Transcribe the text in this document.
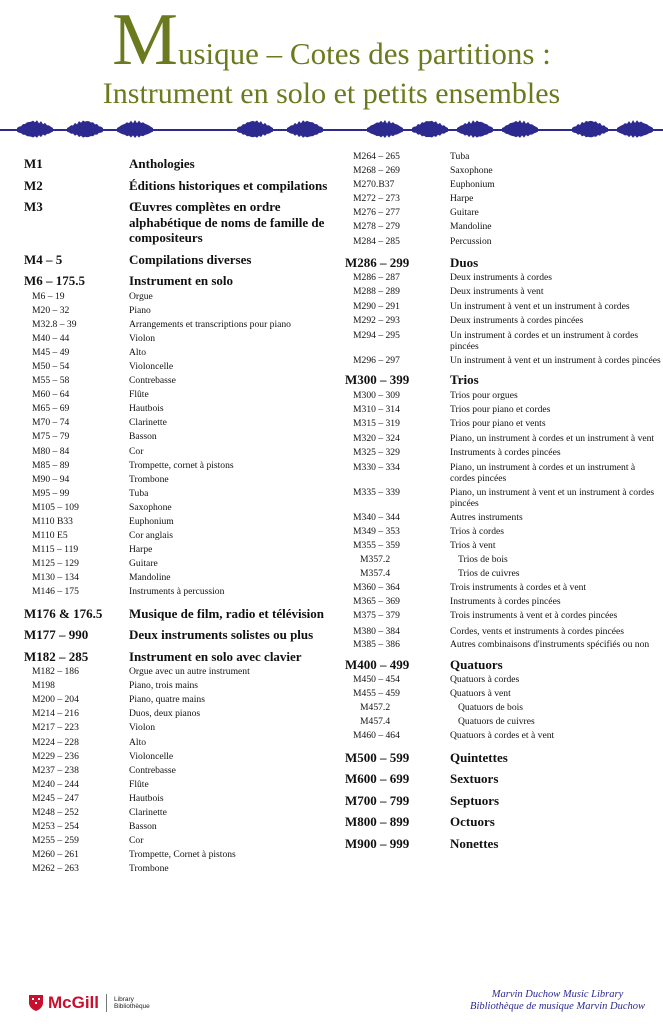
Musique – Cotes des partitions :
Instrument en solo et petits ensembles
M1	Anthologies
M2	Éditions historiques et compilations
M3	Œuvres complètes en ordre alphabétique de noms de famille de compositeurs
M4 – 5	Compilations diverses
M6 – 175.5	Instrument en solo
M6 – 19	Orgue
M20 – 32	Piano
M32.8 – 39	Arrangements et transcriptions pour piano
M40 – 44	Violon
M45 – 49	Alto
M50 – 54	Violoncelle
M55 – 58	Contrebasse
M60 – 64	Flûte
M65 – 69	Hautbois
M70 – 74	Clarinette
M75 – 79	Basson
M80 – 84	Cor
M85 – 89	Trompette, cornet à pistons
M90 – 94	Trombone
M95 – 99	Tuba
M105 – 109	Saxophone
M110 B33	Euphonium
M110 E5	Cor anglais
M115 – 119	Harpe
M125 – 129	Guitare
M130 – 134	Mandoline
M146 – 175	Instruments à percussion
M176 & 176.5	Musique de film, radio et télévision
M177 – 990	Deux instruments solistes ou plus
M182 – 285	Instrument en solo avec clavier
M182 – 186	Orgue avec un autre instrument
M198	Piano, trois mains
M200 – 204	Piano, quatre mains
M214 – 216	Duos, deux pianos
M217 – 223	Violon
M224 – 228	Alto
M229 – 236	Violoncelle
M237 – 238	Contrebasse
M240 – 244	Flûte
M245 – 247	Hautbois
M248 – 252	Clarinette
M253 – 254	Basson
M255 – 259	Cor
M260 – 261	Trompette, Cornet à pistons
M262 – 263	Trombone
M264 – 265	Tuba
M268 – 269	Saxophone
M270.B37	Euphonium
M272 – 273	Harpe
M276 – 277	Guitare
M278 – 279	Mandoline
M284 – 285	Percussion
M286 – 299	Duos
M286 – 287	Deux instruments à cordes
M288 – 289	Deux instruments à vent
M290 – 291	Un instrument à vent et un instrument à cordes
M292 – 293	Deux instruments à cordes pincées
M294 – 295	Un instrument à cordes et un instrument à cordes pincées
M296 – 297	Un instrument à vent et un instrument à cordes pincées
M300 – 399	Trios
M300 – 309	Trios pour orgues
M310 – 314	Trios pour piano et cordes
M315 – 319	Trios pour piano et vents
M320 – 324	Piano, un instrument à cordes et un instrument à vent
M325 – 329	Instruments à cordes pincées
M330 – 334	Piano, un instrument à cordes et un instrument à cordes pincées
M335 – 339	Piano, un instrument à vent et un instrument à cordes pincées
M340 – 344	Autres instruments
M349 – 353	Trios à cordes
M355 – 359	Trios à vent
M357.2	Trios de bois
M357.4	Trios de cuivres
M360 – 364	Trois instruments à cordes et à vent
M365 – 369	Instruments à cordes pincées
M375 – 379	Trois instruments à vent et à cordes pincées
M380 – 384	Cordes, vents et instruments à cordes pincées
M385 – 386	Autres combinaisons d'instruments spécifiés ou non
M400 – 499	Quatuors
M450 – 454	Quatuors à cordes
M455 – 459	Quatuors à vent
M457.2	Quatuors de bois
M457.4	Quatuors de cuivres
M460 – 464	Quatuors à cordes et à vent
M500 – 599	Quintettes
M600 – 699	Sextuors
M700 – 799	Septuors
M800 – 899	Octuors
M900 – 999	Nonettes
McGill Library
Bibliothèque
Marvin Duchow Music Library
Bibliothèque de musique Marvin Duchow
